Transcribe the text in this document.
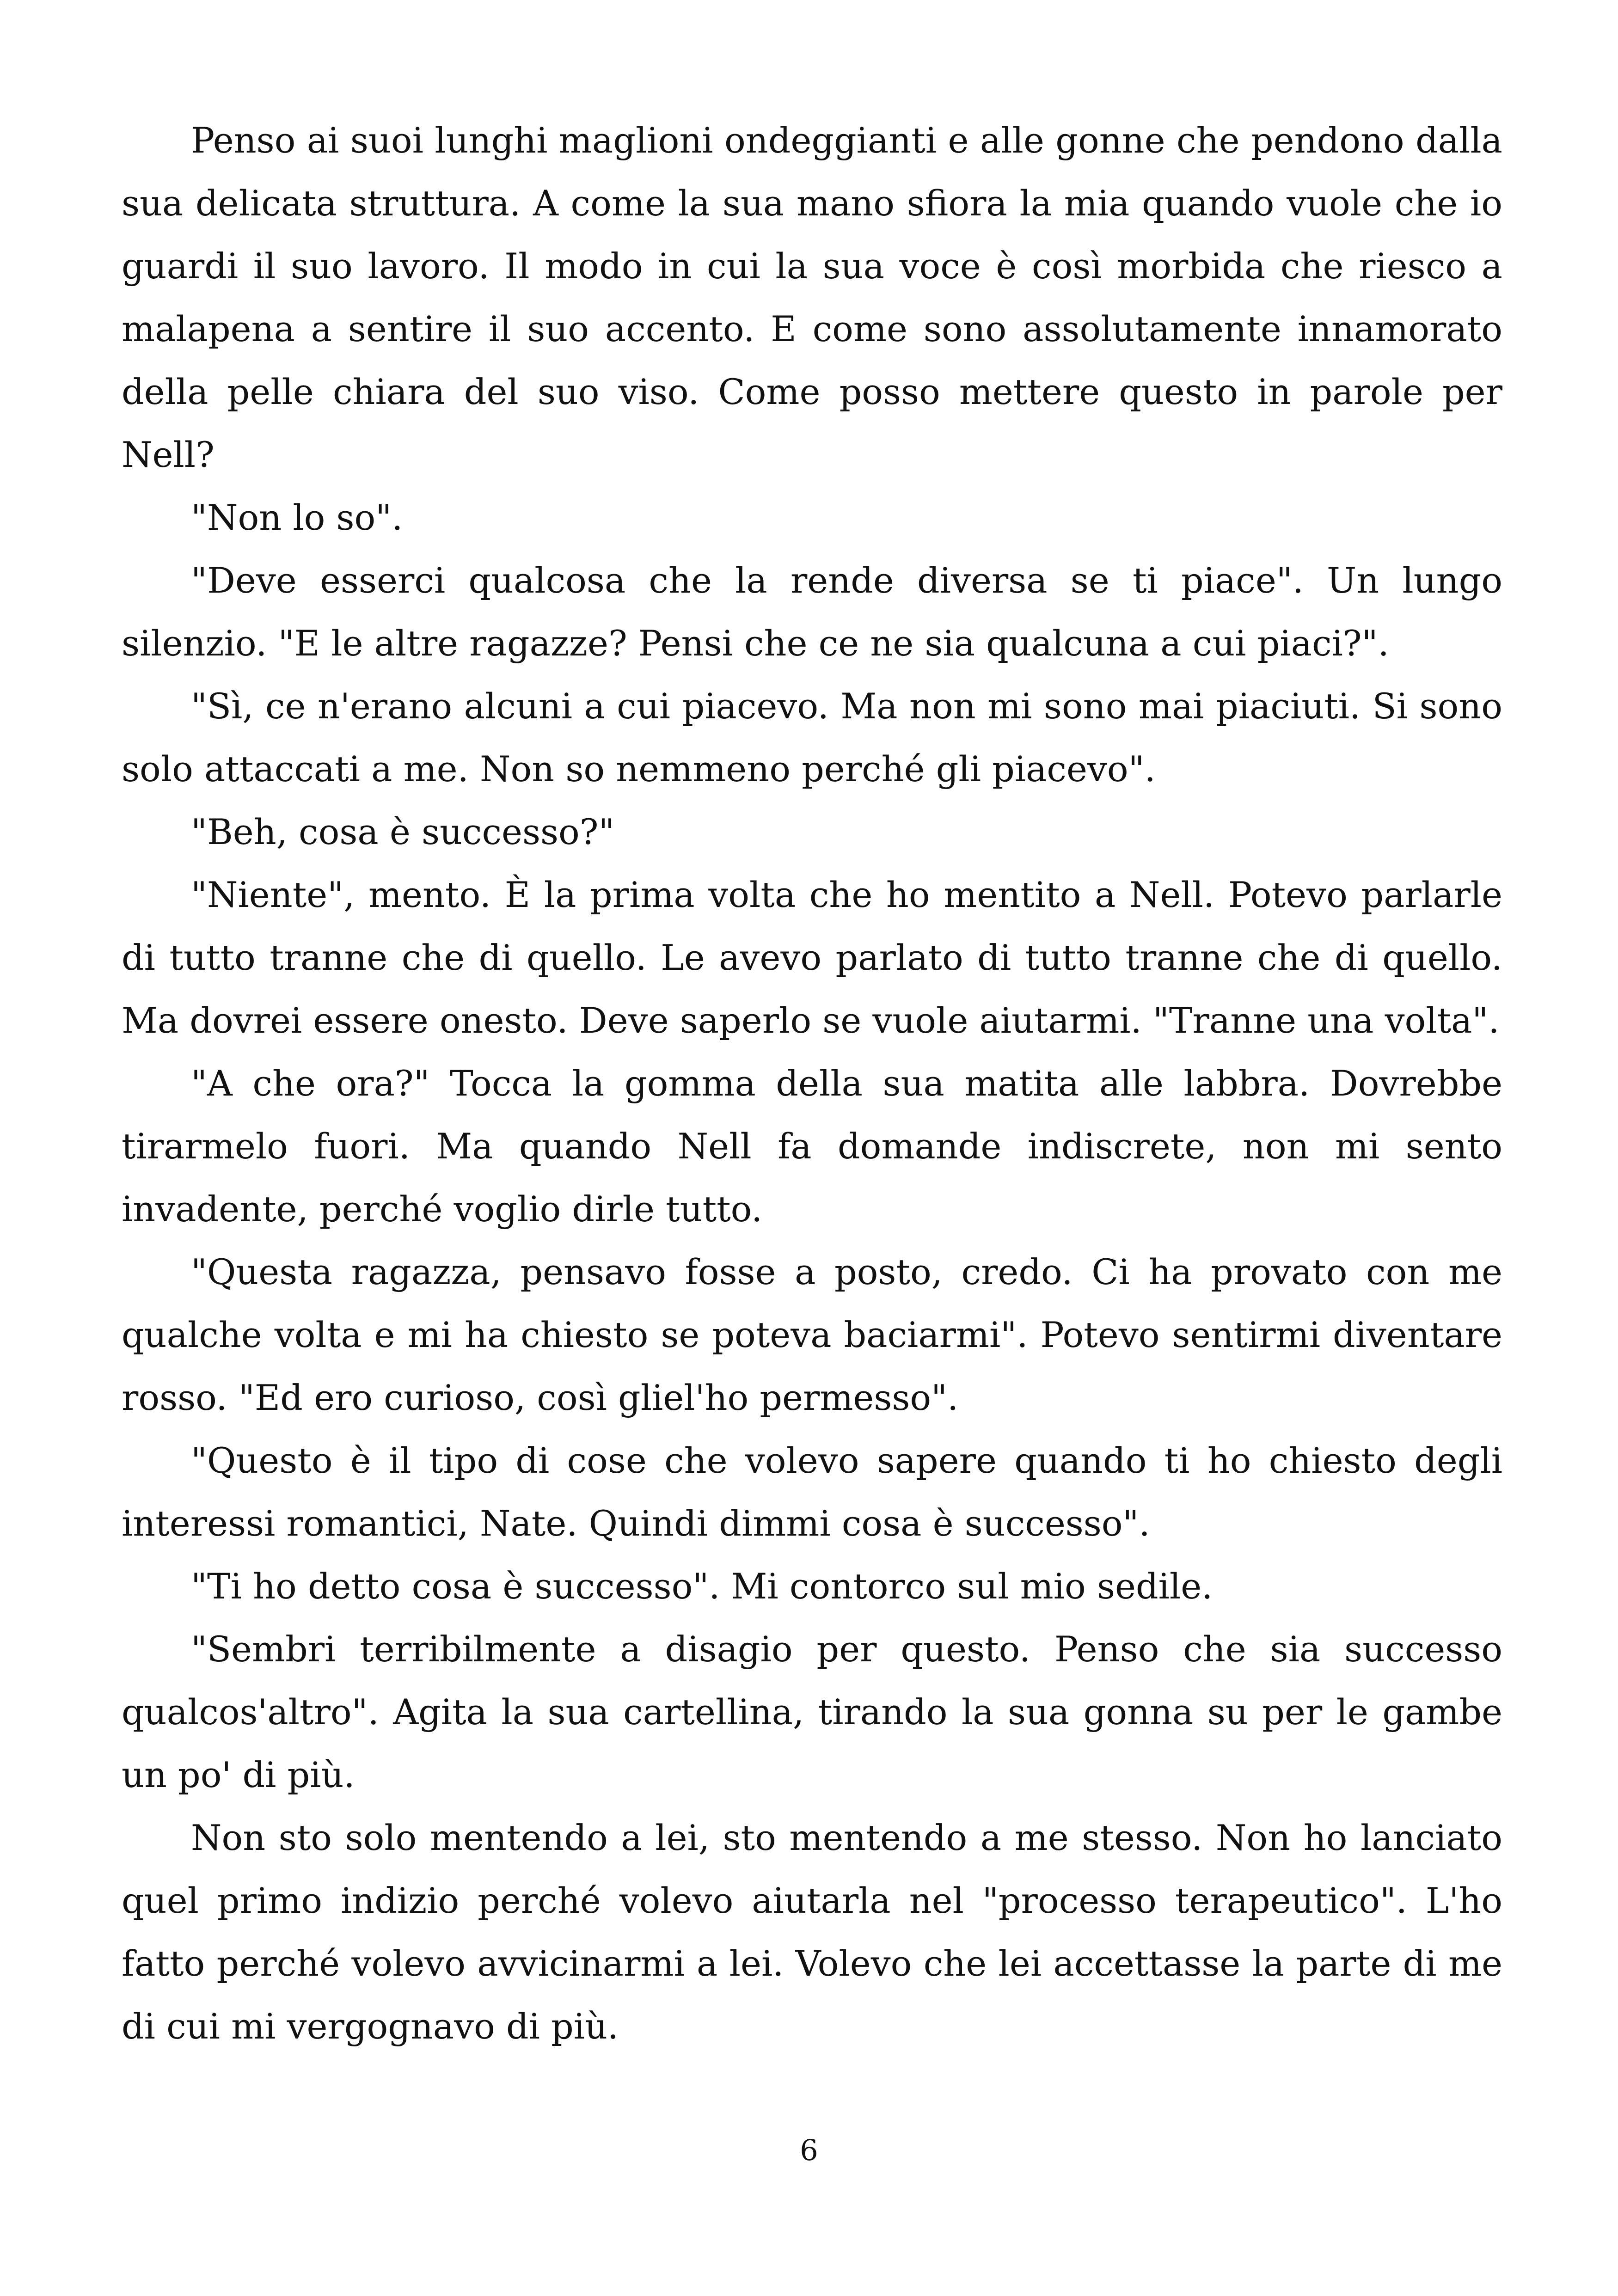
Penso ai suoi lunghi maglioni ondeggianti e alle gonne che pendono dalla sua delicata struttura. A come la sua mano sfiora la mia quando vuole che io guardi il suo lavoro. Il modo in cui la sua voce è così morbida che riesco a malapena a sentire il suo accento. E come sono assolutamente innamorato della pelle chiara del suo viso. Come posso mettere questo in parole per Nell?

"Non lo so".

"Deve esserci qualcosa che la rende diversa se ti piace". Un lungo silenzio. "E le altre ragazze? Pensi che ce ne sia qualcuna a cui piaci?".

"Sì, ce n'erano alcuni a cui piacevo. Ma non mi sono mai piaciuti. Si sono solo attaccati a me. Non so nemmeno perché gli piacevo".

"Beh, cosa è successo?"

"Niente", mento. È la prima volta che ho mentito a Nell. Potevo parlarle di tutto tranne che di quello. Le avevo parlato di tutto tranne che di quello. Ma dovrei essere onesto. Deve saperlo se vuole aiutarmi. "Tranne una volta".

"A che ora?" Tocca la gomma della sua matita alle labbra. Dovrebbe tirarmelo fuori. Ma quando Nell fa domande indiscrete, non mi sento invadente, perché voglio dirle tutto.

"Questa ragazza, pensavo fosse a posto, credo. Ci ha provato con me qualche volta e mi ha chiesto se poteva baciarmi". Potevo sentirmi diventare rosso. "Ed ero curioso, così gliel'ho permesso".

"Questo è il tipo di cose che volevo sapere quando ti ho chiesto degli interessi romantici, Nate. Quindi dimmi cosa è successo".

"Ti ho detto cosa è successo". Mi contorco sul mio sedile.

"Sembri terribilmente a disagio per questo. Penso che sia successo qualcos'altro". Agita la sua cartellina, tirando la sua gonna su per le gambe un po' di più.

Non sto solo mentendo a lei, sto mentendo a me stesso. Non ho lanciato quel primo indizio perché volevo aiutarla nel "processo terapeutico". L'ho fatto perché volevo avvicinarmi a lei. Volevo che lei accettasse la parte di me di cui mi vergognavo di più.

6
